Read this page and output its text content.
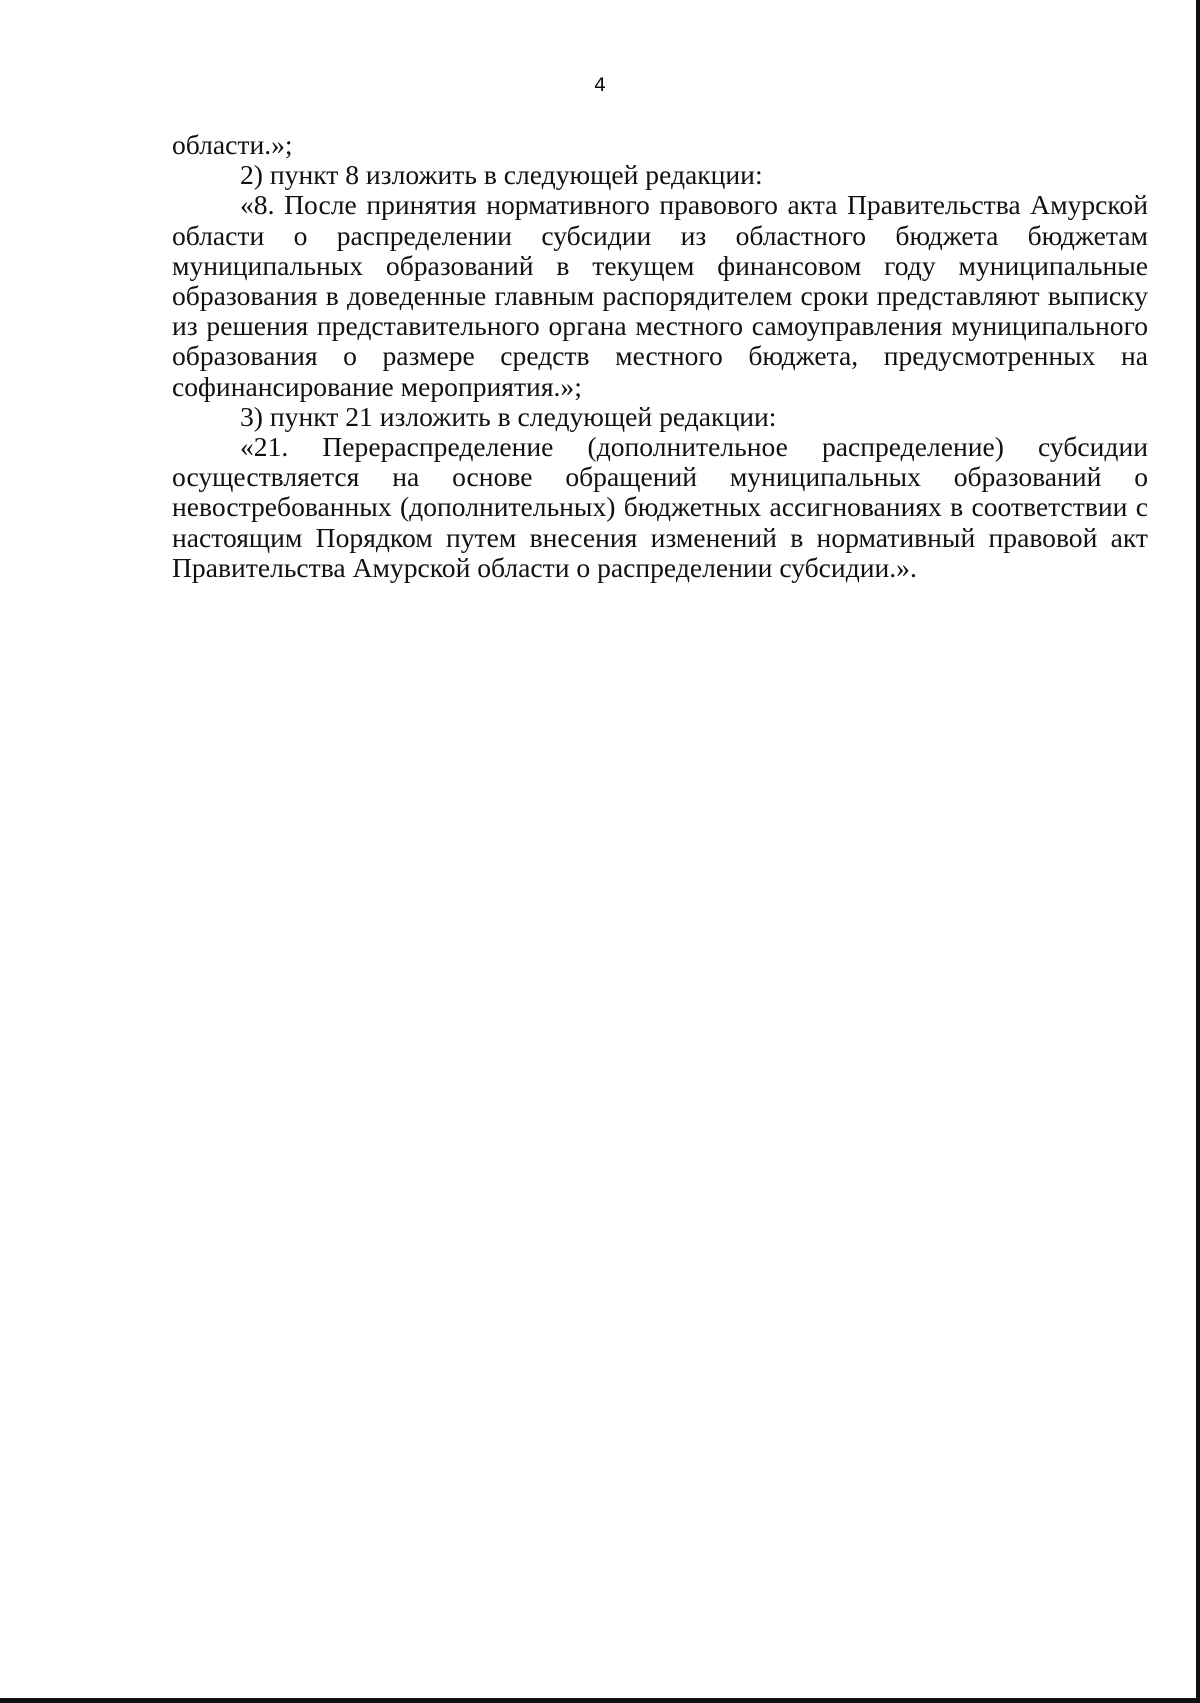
4

области.»;

2) пункт 8 изложить в следующей редакции:

«8. После принятия нормативного правового акта Правительства Амурской области о распределении субсидии из областного бюджета бюджетам муниципальных образований в текущем финансовом году муниципальные образования в доведенные главным распорядителем сроки представляют выписку из решения представительного органа местного самоуправления муниципального образования о размере средств местного бюджета, предусмотренных на софинансирование мероприятия.»;

3) пункт 21 изложить в следующей редакции:

«21. Перераспределение (дополнительное распределение) субсидии осуществляется на основе обращений муниципальных образований о невостребованных (дополнительных) бюджетных ассигнованиях в соответствии с настоящим Порядком путем внесения изменений в нормативный правовой акт Правительства Амурской области о распределении субсидии.».
